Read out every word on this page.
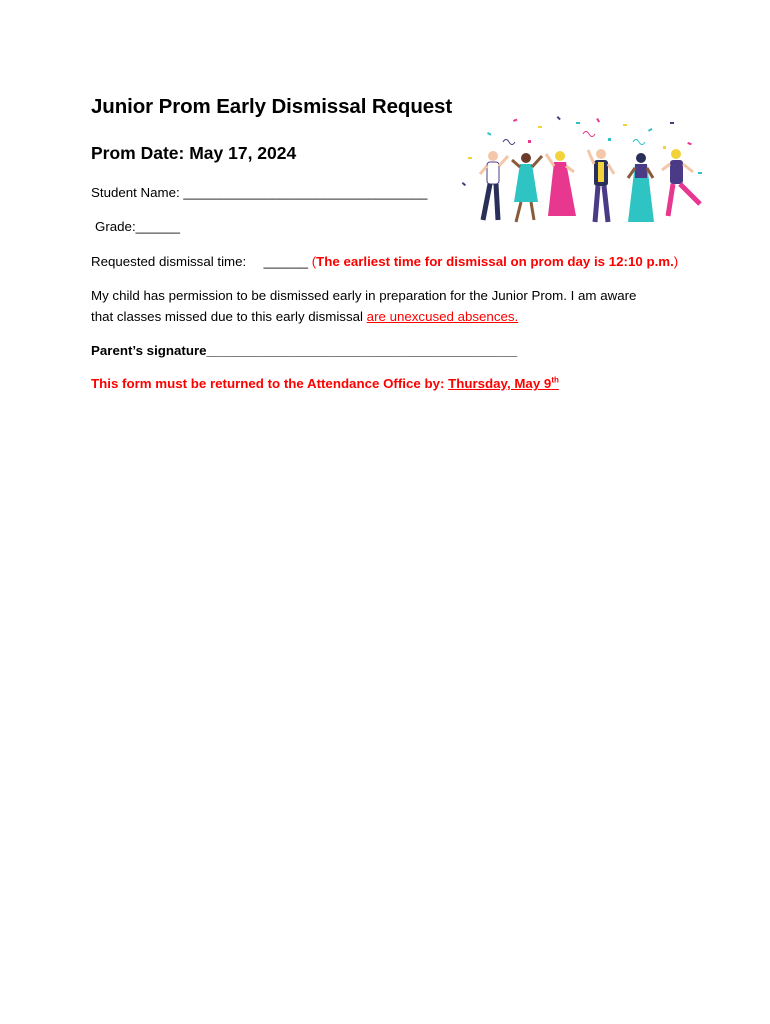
Junior Prom Early Dismissal Request
Prom Date: May 17, 2024
Student Name: _________________________________
Grade:______
Requested dismissal time: ______ (The earliest time for dismissal on prom day is 12:10 p.m.)
My child has permission to be dismissed early in preparation for the Junior Prom. I am aware
that classes missed due to this early dismissal are unexcused absences.
Parent’s signature__________________________________________
This form must be returned to the Attendance Office by: Thursday, May 9th
